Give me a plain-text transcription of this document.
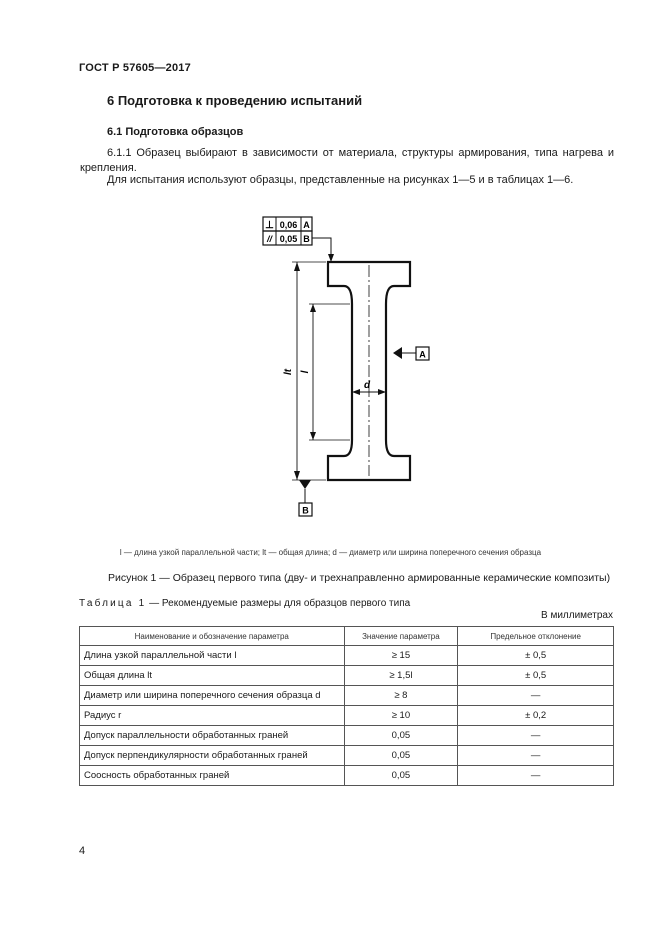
ГОСТ Р 57605—2017
6 Подготовка к проведению испытаний
6.1 Подготовка образцов
6.1.1 Образец выбирают в зависимости от материала, структуры армирования, типа нагрева и крепления.
Для испытания используют образцы, представленные на рисунках 1—5 и в таблицах 1—6.
⊥ 0,06 A
// 0,05 B
A
B
lt l
d
l — длина узкой параллельной части; lt — общая длина; d — диаметр или ширина поперечного сечения образца
Рисунок 1 — Образец первого типа (дву- и трехнаправленно армированные керамические композиты)
Таблица 1 — Рекомендуемые размеры для образцов первого типа
В миллиметрах
Наименование и обозначение параметра	Значение параметра	Предельное отклонение
Длина узкой параллельной части l	≥ 15	± 0,5
Общая длина lt	≥ 1,5l	± 0,5
Диаметр или ширина поперечного сечения образца d	≥ 8	—
Радиус r	≥ 10	± 0,2
Допуск параллельности обработанных граней	0,05	—
Допуск перпендикулярности обработанных граней	0,05	—
Соосность обработанных граней	0,05	—
4
